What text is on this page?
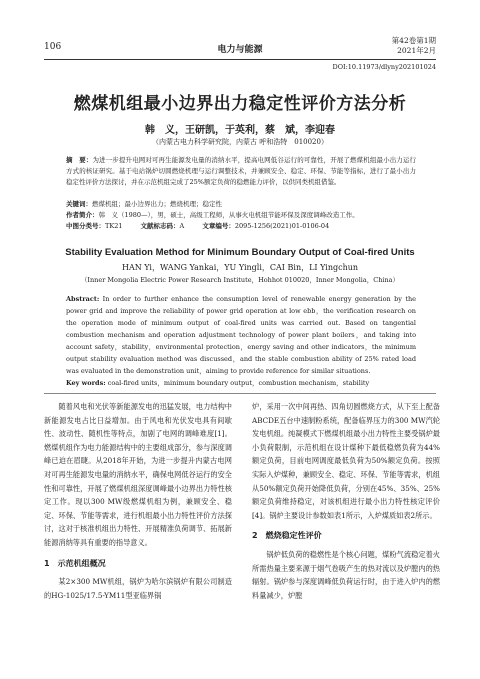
106	电力与能源
第42卷第1期
2021年2月
DOI:10.11973/dlyny202101024
燃煤机组最小边界出力稳定性评价方法分析
韩　义，王研凯，于英利，蔡　斌，李迎春
（内蒙古电力科学研究院，内蒙古 呼和浩特　010020）
摘　要：为进一步提升电网对可再生能源发电量的消纳水平，提高电网低谷运行的可靠性，开展了燃煤机组最小出力运行方式的核证研究。基于电站锅炉切圆燃烧机理与运行调整技术，并兼顾安全、稳定、环保、节能等指标，进行了最小出力稳定性评价方法探讨，并在示范机组完成了25%额定负荷的稳燃能力评价，以供同类机组借鉴。
关键词：燃煤机组；最小边界出力；燃烧机理；稳定性
作者简介：韩　义（1980—），男，硕士，高级工程师，从事火电机组节能环保及深度调峰改造工作。
中图分类号：TK21	文献标志码：A	文章编号：2095-1256(2021)01-0106-04
Stability Evaluation Method for Minimum Boundary Output of Coal-fired Units
HAN Yi，WANG Yankai，YU Yingli，CAI Bin，LI Yingchun
（Inner Mongolia Electric Power Research Institute，Hohhot 010020，Inner Mongolia，China）
Abstract: In order to further enhance the consumption level of renewable energy generation by the power grid and improve the reliability of power grid operation at low ebb，the verification research on the operation mode of minimum output of coal-fired units was carried out. Based on tangential combustion mechanism and operation adjustment technology of power plant boilers，and taking into account safety，stability，environmental protection，energy saving and other indicators，the minimum output stability evaluation method was discussed，and the stable combustion ability of 25% rated load was evaluated in the demonstration unit，aiming to provide reference for similar situations.
Key words: coal-fired units，minimum boundary output，combustion mechanism，stability

随着风电和光伏等新能源发电的迅猛发展，电力结构中新能源发电占比日益增加。由于风电和光伏发电具有间歇性、波动性、随机性等特点，加剧了电网的调峰难度[1]。燃煤机组作为电力能源结构中的主要组成部分，参与深度调峰已迫在眉睫。从2018年开始，为进一步提升内蒙古电网对可再生能源发电量的消纳水平，确保电网低谷运行的安全性和可靠性，开展了燃煤机组深度调峰最小边界出力特性核定工作。现以300 MW级燃煤机组为例，兼顾安全、稳定、环保、节能等需求，进行机组最小出力特性评价方法探讨，这对于核准机组出力特性、开展精准负荷调节、拓展新能源消纳等具有重要的指导意义。

1　示范机组概况

某2×300 MW机组，锅炉为哈尔滨锅炉有限公司制造的HG-1025/17.5-YM11型亚临界锅

炉，采用一次中间再热、四角切圆燃烧方式，从下至上配备ABCDE五台中速制粉系统，配备临界压力的300 MW汽轮发电机组。纯凝模式下燃煤机组最小出力特性主要受锅炉最小负荷限制，示范机组在设计煤种下最低稳燃负荷为44%额定负荷，目前电网调度最低负荷为50%额定负荷。按照实际入炉煤种，兼顾安全、稳定、环保、节能等需求，机组从50%额定负荷开始降低负荷，分别在45%、35%、25%额定负荷维持稳定，对该机组进行最小出力特性核定评价[4]。锅炉主要设计参数如表1所示，入炉煤质如表2所示。

2　燃烧稳定性评价

锅炉低负荷的稳燃性是个核心问题，煤粉气流稳定着火所需热量主要来源于烟气卷吸产生的热对流以及炉膛内的热辐射。锅炉参与深度调峰低负荷运行时，由于进入炉内的燃料量减少，炉膛
